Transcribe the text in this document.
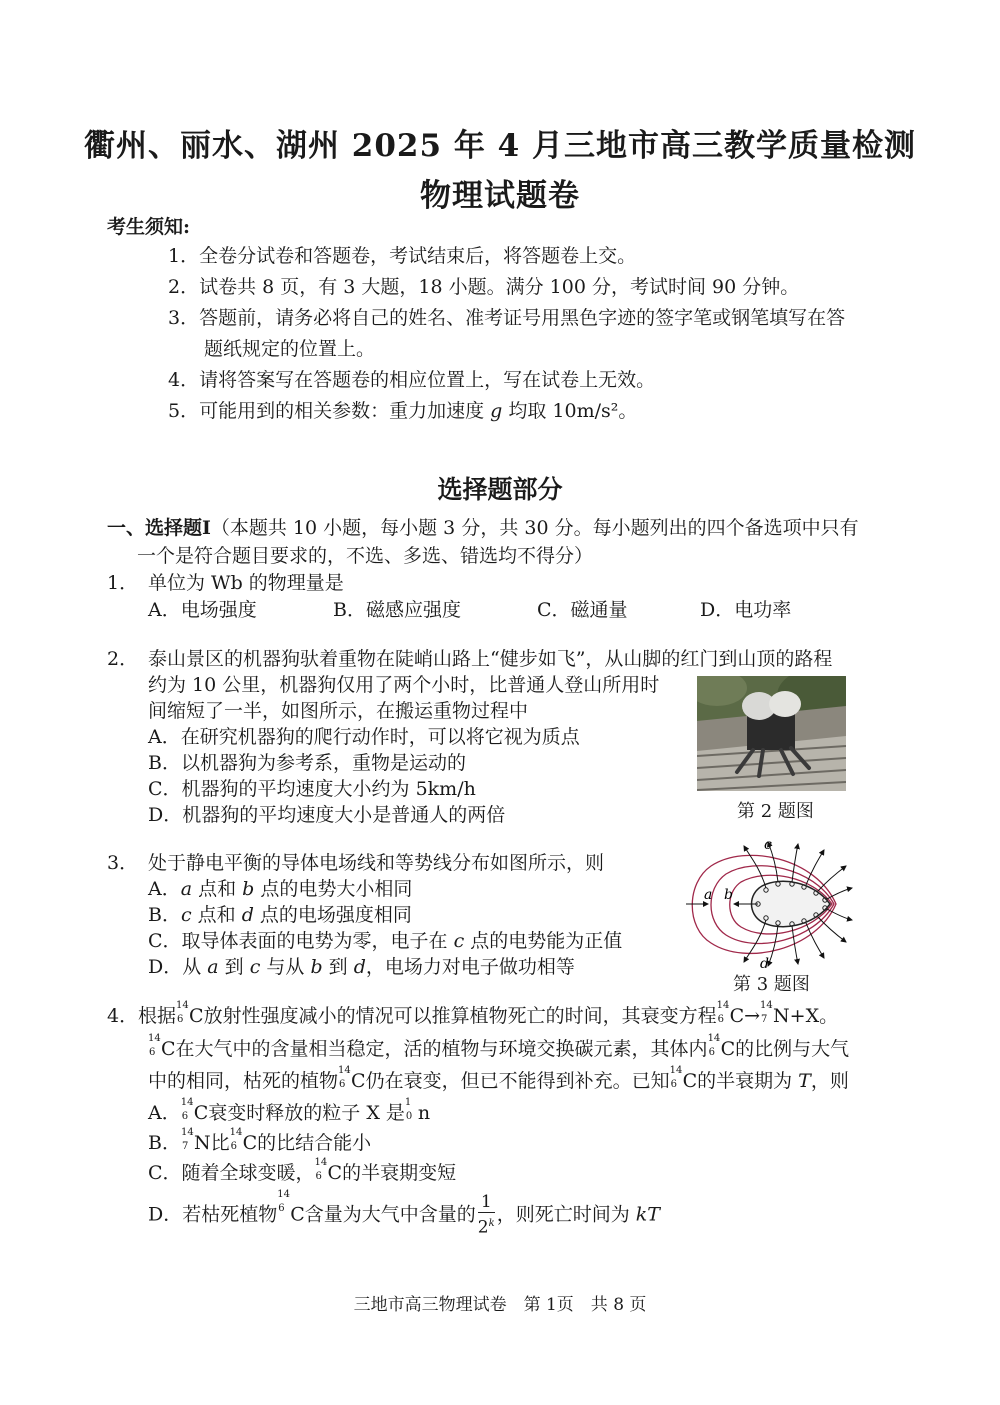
衢州、丽水、湖州 2025 年 4 月三地市高三教学质量检测
物理试题卷
考生须知:
1．全卷分试卷和答题卷，考试结束后，将答题卷上交。
2．试卷共 8 页，有 3 大题，18 小题。满分 100 分，考试时间 90 分钟。
3．答题前，请务必将自己的姓名、准考证号用黑色字迹的签字笔或钢笔填写在答
题纸规定的位置上。
4．请将答案写在答题卷的相应位置上，写在试卷上无效。
5．可能用到的相关参数：重力加速度 g 均取 10m/s²。
选择题部分
一、选择题Ⅰ（本题共 10 小题，每小题 3 分，共 30 分。每小题列出的四个备选项中只有
一个是符合题目要求的，不选、多选、错选均不得分）
1． 单位为 Wb 的物理量是
A．电场强度	B．磁感应强度	C．磁通量	D．电功率
2． 泰山景区的机器狗驮着重物在陡峭山路上“健步如飞”，从山脚的红门到山顶的路程
约为 10 公里，机器狗仅用了两个小时，比普通人登山所用时
间缩短了一半，如图所示，在搬运重物过程中
A．在研究机器狗的爬行动作时，可以将它视为质点
B．以机器狗为参考系，重物是运动的
C．机器狗的平均速度大小约为 5km/h
D．机器狗的平均速度大小是普通人的两倍	第 2 题图
3． 处于静电平衡的导体电场线和等势线分布如图所示，则
A．a 点和 b 点的电势大小相同
B．c 点和 d 点的电场强度相同
C．取导体表面的电势为零，电子在 c 点的电势能为正值
D．从 a 到 c 与从 b 到 d，电场力对电子做功相等
a b
c
d
第 3 题图
4． 根据 14
6 C放射性强度减小的情况可以推算植物死亡的时间，其衰变方程 14
6 C→ 14
7 N+X。
14
6 C在大气中的含量相当稳定，活的植物与环境交换碳元素，其体内 14
6 C的比例与大气
中的相同，枯死的植物 14
6 C仍在衰变，但已不能得到补充。已知 14
6 C的半衰期为 T，则
A． 14
6 C衰变时释放的粒子 X 是 1
0 n
B． 14
7 N比 14
6 C的比结合能小
C．随着全球变暖， 14
6 C的半衰期变短
D．若枯死植物
14
6 C含量为大气中含量的 $\frac{1}{2^k}$ ，则死亡时间为 kT
三地市高三物理试卷　第 1页　共 8 页
